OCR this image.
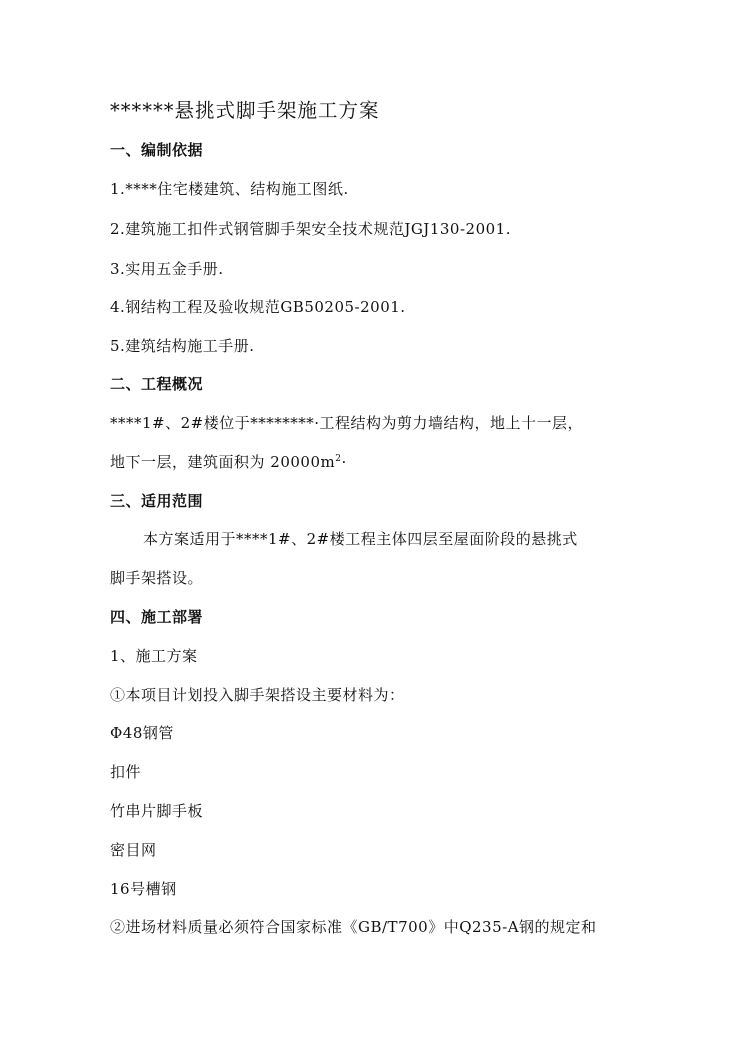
******悬挑式脚手架施工方案
一、编制依据
1.****住宅楼建筑、结构施工图纸.
2.建筑施工扣件式钢管脚手架安全技术规范JGJ130-2001.
3.实用五金手册.
4.钢结构工程及验收规范GB50205-2001.
5.建筑结构施工手册.
二、工程概况
****1#、2#楼位于********·工程结构为剪力墙结构，地上十一层，
地下一层，建筑面积为 $20000m^2\cdot$
三、适用范围
本方案适用于****1#、2#楼工程主体四层至屋面阶段的悬挑式
脚手架搭设。
四、施工部署
1、施工方案
①本项目计划投入脚手架搭设主要材料为：
Φ48钢管
扣件
竹串片脚手板
密目网
16号槽钢
②进场材料质量必须符合国家标准《GB/T700》中Q235-A钢的规定和
